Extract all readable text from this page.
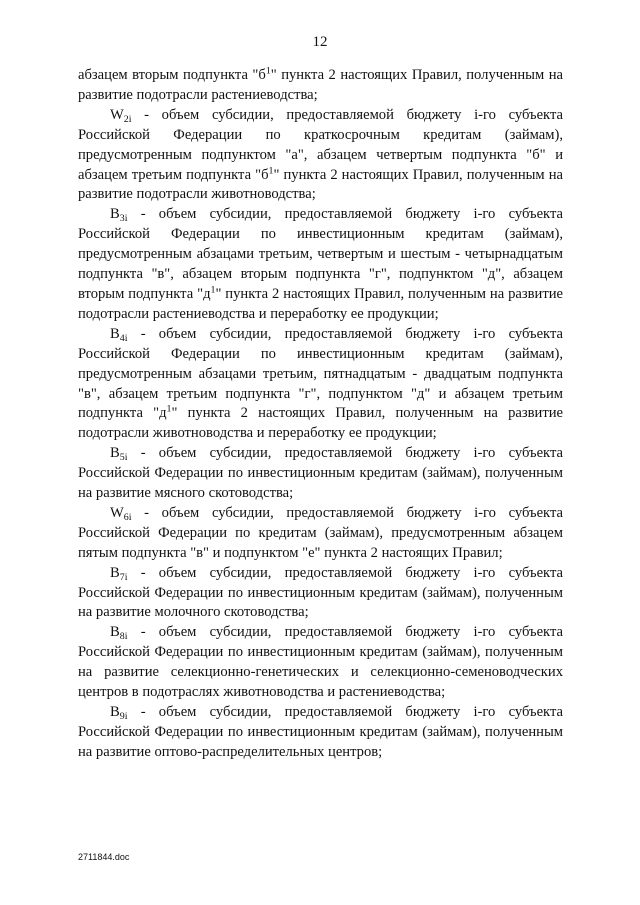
12

абзацем вторым подпункта "$б^1$" пункта 2 настоящих Правил, полученным на развитие подотрасли растениеводства;

$W_{2i}$ - объем субсидии, предоставляемой бюджету i-го субъекта Российской Федерации по краткосрочным кредитам (займам), предусмотренным подпунктом "а", абзацем четвертым подпункта "б" и абзацем третьим подпункта "$б^1$" пункта 2 настоящих Правил, полученным на развитие подотрасли животноводства;

$B_{3i}$ - объем субсидии, предоставляемой бюджету i-го субъекта Российской Федерации по инвестиционным кредитам (займам), предусмотренным абзацами третьим, четвертым и шестым - четырнадцатым подпункта "в", абзацем вторым подпункта "г", подпунктом "д", абзацем вторым подпункта "$д^1$" пункта 2 настоящих Правил, полученным на развитие подотрасли растениеводства и переработку ее продукции;

$B_{4i}$ - объем субсидии, предоставляемой бюджету i-го субъекта Российской Федерации по инвестиционным кредитам (займам), предусмотренным абзацами третьим, пятнадцатым - двадцатым подпункта "в", абзацем третьим подпункта "г", подпунктом "д" и абзацем третьим подпункта "$д^1$" пункта 2 настоящих Правил, полученным на развитие подотрасли животноводства и переработку ее продукции;

$B_{5i}$ - объем субсидии, предоставляемой бюджету i-го субъекта Российской Федерации по инвестиционным кредитам (займам), полученным на развитие мясного скотоводства;

$W_{6i}$ - объем субсидии, предоставляемой бюджету i-го субъекта Российской Федерации по кредитам (займам), предусмотренным абзацем пятым подпункта "в" и подпунктом "е" пункта 2 настоящих Правил;

$B_{7i}$ - объем субсидии, предоставляемой бюджету i-го субъекта Российской Федерации по инвестиционным кредитам (займам), полученным на развитие молочного скотоводства;

$B_{8i}$ - объем субсидии, предоставляемой бюджету i-го субъекта Российской Федерации по инвестиционным кредитам (займам), полученным на развитие селекционно-генетических и селекционно-семеноводческих центров в подотраслях животноводства и растениеводства;

$B_{9i}$ - объем субсидии, предоставляемой бюджету i-го субъекта Российской Федерации по инвестиционным кредитам (займам), полученным на развитие оптово-распределительных центров;

2711844.doc
